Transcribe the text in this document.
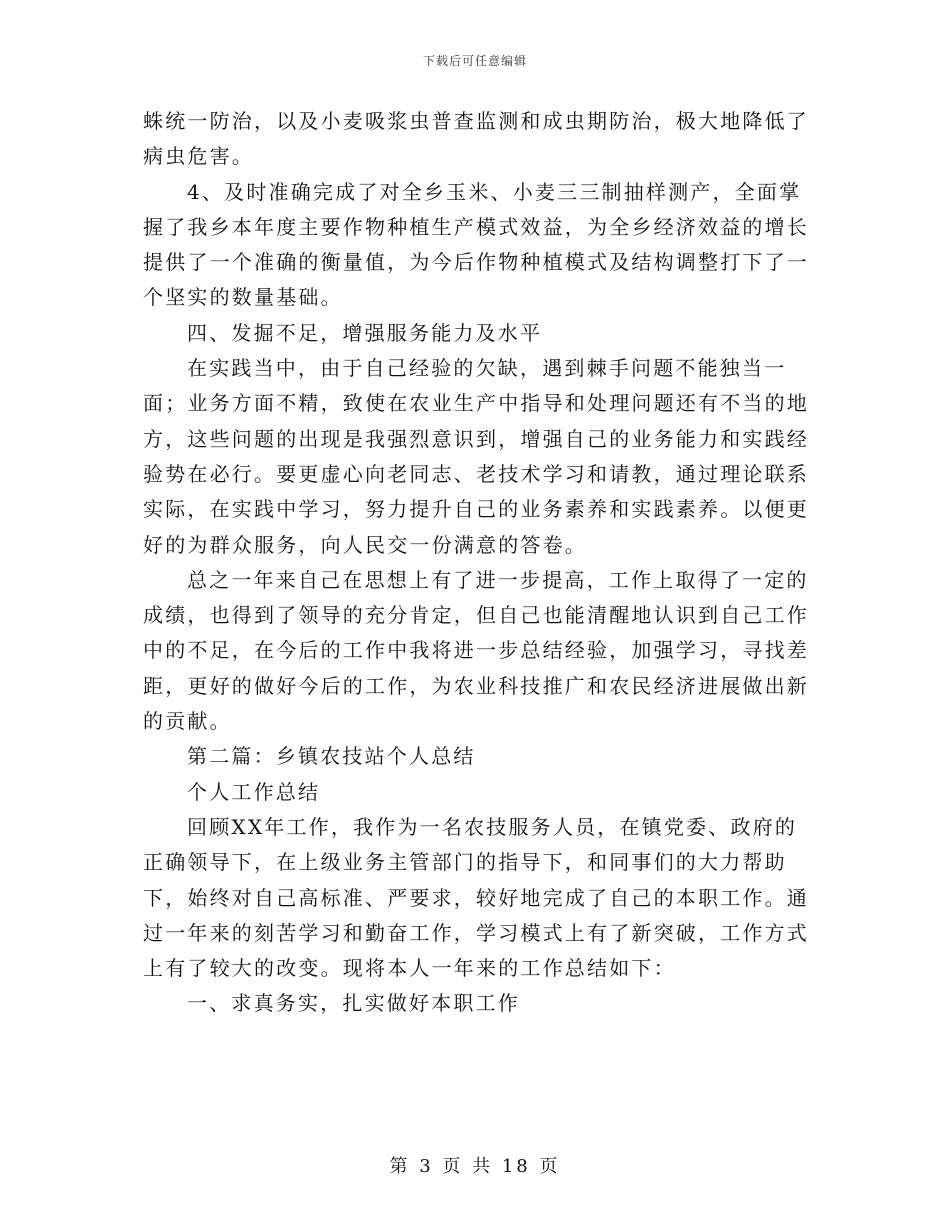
下载后可任意编辑

蛛统一防治，以及小麦吸浆虫普查监测和成虫期防治，极大地降低了病虫危害。

4、及时准确完成了对全乡玉米、小麦三三制抽样测产，全面掌握了我乡本年度主要作物种植生产模式效益，为全乡经济效益的增长提供了一个准确的衡量值，为今后作物种植模式及结构调整打下了一个坚实的数量基础。

四、发掘不足，增强服务能力及水平

在实践当中，由于自己经验的欠缺，遇到棘手问题不能独当一面；业务方面不精，致使在农业生产中指导和处理问题还有不当的地方，这些问题的出现是我强烈意识到，增强自己的业务能力和实践经验势在必行。要更虚心向老同志、老技术学习和请教，通过理论联系实际，在实践中学习，努力提升自己的业务素养和实践素养。以便更好的为群众服务，向人民交一份满意的答卷。

总之一年来自己在思想上有了进一步提高，工作上取得了一定的成绩，也得到了领导的充分肯定，但自己也能清醒地认识到自己工作中的不足，在今后的工作中我将进一步总结经验，加强学习，寻找差距，更好的做好今后的工作，为农业科技推广和农民经济进展做出新的贡献。

第二篇：乡镇农技站个人总结

个人工作总结

回顾XX年工作，我作为一名农技服务人员，在镇党委、政府的正确领导下，在上级业务主管部门的指导下，和同事们的大力帮助下，始终对自己高标准、严要求，较好地完成了自己的本职工作。通过一年来的刻苦学习和勤奋工作，学习模式上有了新突破，工作方式上有了较大的改变。现将本人一年来的工作总结如下：

一、求真务实，扎实做好本职工作

第 3 页 共 18 页
